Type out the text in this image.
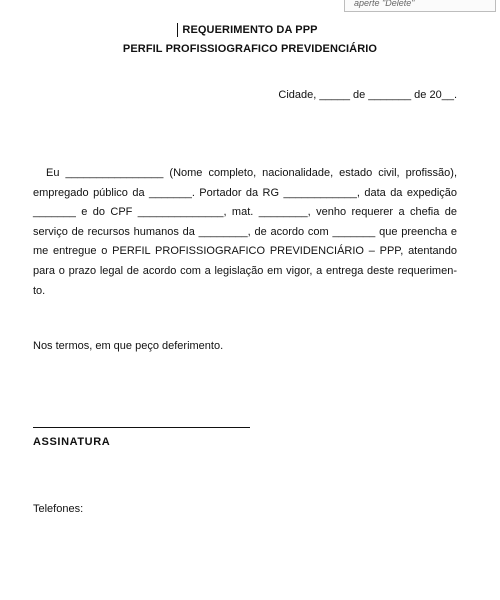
aperte "Delete"
REQUERIMENTO DA PPP
PERFIL PROFISSIOGRAFICO PREVIDENCIÁRIO
Cidade, _____ de _______ de 20__.
Eu ________________ (Nome completo, nacionalidade, estado civil, profissão), empregado público da _______. Portador da RG ____________, data da expedição _______ e do CPF ______________, mat. ________, venho requerer a chefia de serviço de recursos humanos da ________, de acordo com _______ que preencha e me entregue o PERFIL PROFISSIOGRAFICO PREVIDENCIÁRIO – PPP, atentando para o prazo legal de acordo com a legislação em vigor, a entrega deste requerimen-to.
Nos termos, em que peço deferimento.
ASSINATURA
Telefones:
